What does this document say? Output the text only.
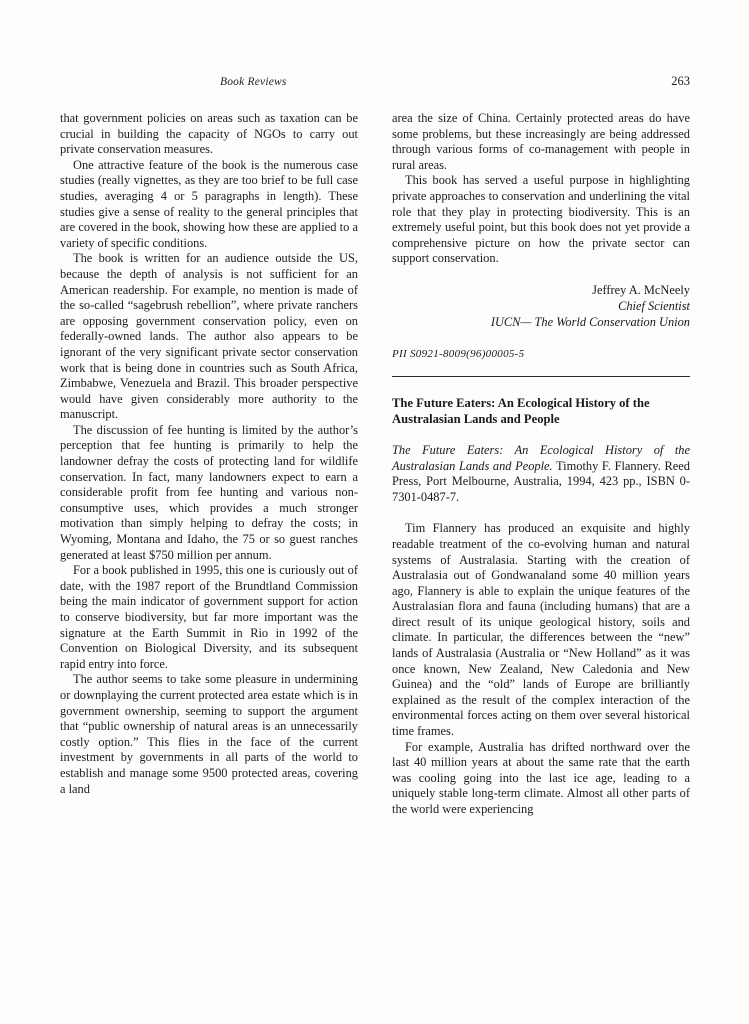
Book Reviews	263

that government policies on areas such as taxation can be crucial in building the capacity of NGOs to carry out private conservation measures.

One attractive feature of the book is the numerous case studies (really vignettes, as they are too brief to be full case studies, averaging 4 or 5 paragraphs in length). These studies give a sense of reality to the general principles that are covered in the book, showing how these are applied to a variety of specific conditions.

The book is written for an audience outside the US, because the depth of analysis is not sufficient for an American readership. For example, no mention is made of the so-called “sagebrush rebellion”, where private ranchers are opposing government conservation policy, even on federally-owned lands. The author also appears to be ignorant of the very significant private sector conservation work that is being done in countries such as South Africa, Zimbabwe, Venezuela and Brazil. This broader perspective would have given considerably more authority to the manuscript.

The discussion of fee hunting is limited by the author’s perception that fee hunting is primarily to help the landowner defray the costs of protecting land for wildlife conservation. In fact, many landowners expect to earn a considerable profit from fee hunting and various non-consumptive uses, which provides a much stronger motivation than simply helping to defray the costs; in Wyoming, Montana and Idaho, the 75 or so guest ranches generated at least $750 million per annum.

For a book published in 1995, this one is curiously out of date, with the 1987 report of the Brundtland Commission being the main indicator of government support for action to conserve biodiversity, but far more important was the signature at the Earth Summit in Rio in 1992 of the Convention on Biological Diversity, and its subsequent rapid entry into force.

The author seems to take some pleasure in undermining or downplaying the current protected area estate which is in government ownership, seeming to support the argument that “public ownership of natural areas is an unnecessarily costly option.” This flies in the face of the current investment by governments in all parts of the world to establish and manage some 9500 protected areas, covering a land

area the size of China. Certainly protected areas do have some problems, but these increasingly are being addressed through various forms of co-management with people in rural areas.

This book has served a useful purpose in highlighting private approaches to conservation and underlining the vital role that they play in protecting biodiversity. This is an extremely useful point, but this book does not yet provide a comprehensive picture on how the private sector can support conservation.

Jeffrey A. McNeely
Chief Scientist
IUCN— The World Conservation Union
PII S0921-8009(96)00005-5
The Future Eaters: An Ecological History of the Australasian Lands and People

The Future Eaters: An Ecological History of the Australasian Lands and People. Timothy F. Flannery. Reed Press, Port Melbourne, Australia, 1994, 423 pp., ISBN 0-7301-0487-7.

Tim Flannery has produced an exquisite and highly readable treatment of the co-evolving human and natural systems of Australasia. Starting with the creation of Australasia out of Gondwanaland some 40 million years ago, Flannery is able to explain the unique features of the Australasian flora and fauna (including humans) that are a direct result of its unique geological history, soils and climate. In particular, the differences between the “new” lands of Australasia (Australia or “New Holland” as it was once known, New Zealand, New Caledonia and New Guinea) and the “old” lands of Europe are brilliantly explained as the result of the complex interaction of the environmental forces acting on them over several historical time frames.

For example, Australia has drifted northward over the last 40 million years at about the same rate that the earth was cooling going into the last ice age, leading to a uniquely stable long-term climate. Almost all other parts of the world were experiencing
